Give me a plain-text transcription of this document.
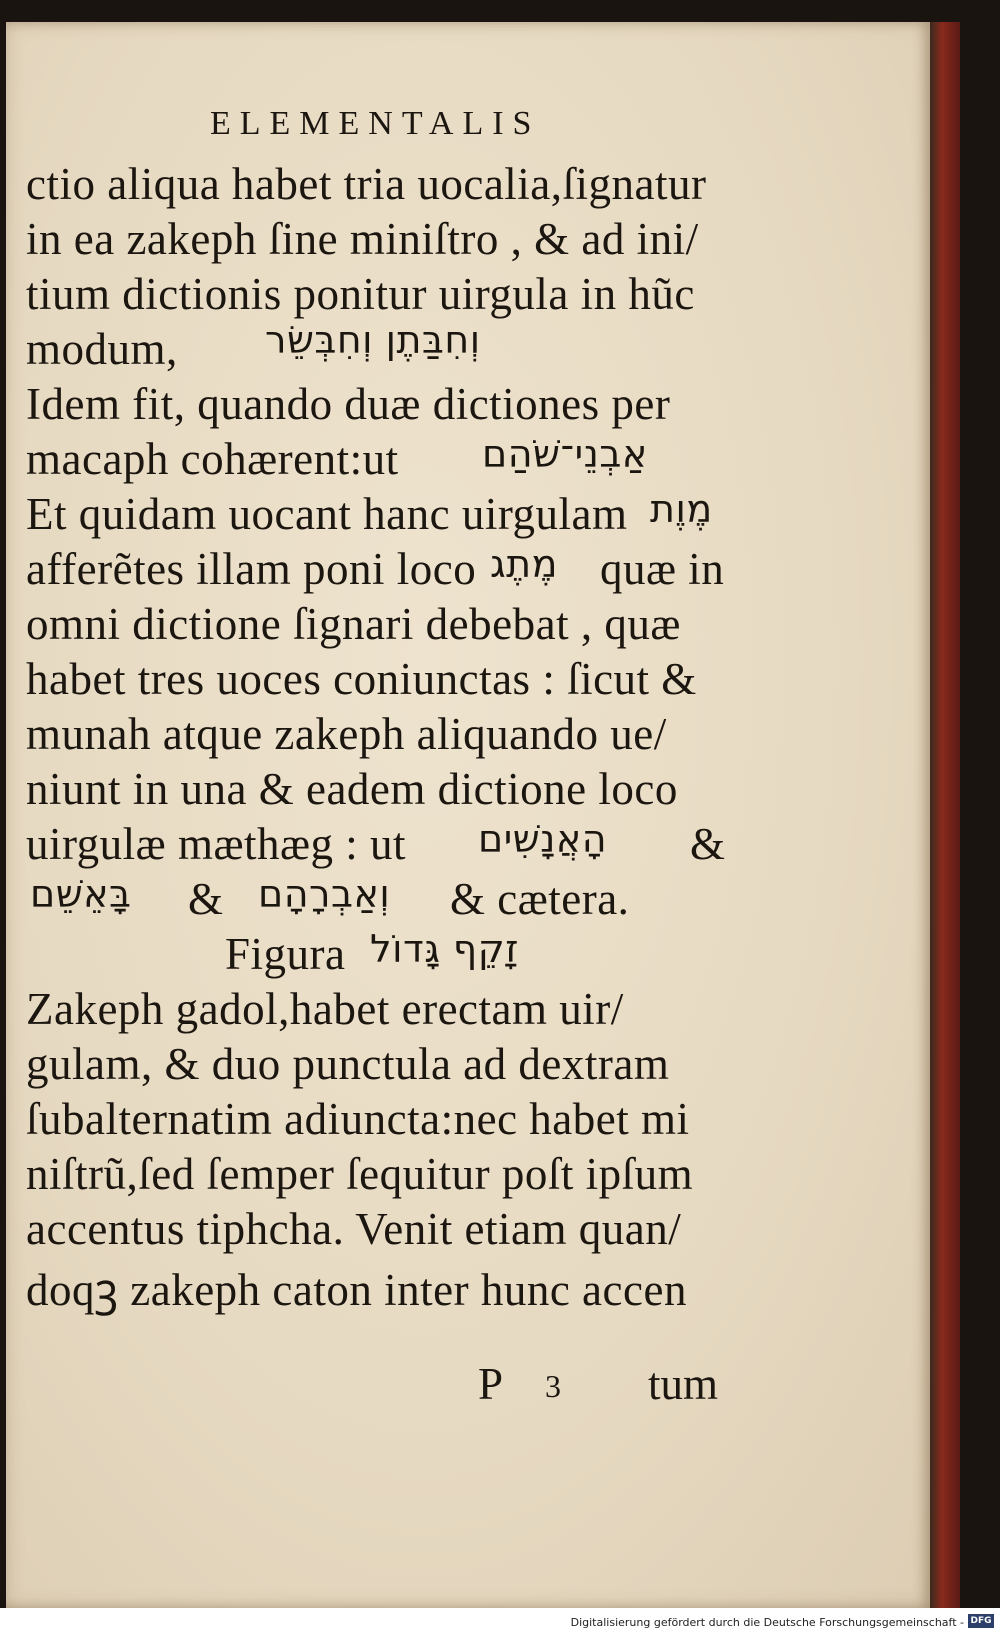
ELEMENTALIS
ctio aliqua habet tria uocalia,ſignatur
in ea zakeph ſine miniſtro , & ad ini/
tium dictionis ponitur uirgula in hũc
modum,
Idem fit, quando duæ dictiones per
macaph cohærent:ut
Et quidam uocant hanc uirgulam
afferẽtes illam poni loco
omni dictione ſignari debebat , quæ
habet tres uoces coniunctas : ſicut &
munah atque zakeph aliquando ue/
niunt in una & eadem dictione loco
uirgulæ mæthæg : ut
Zakeph gadol,habet erectam uir/
gulam, & duo punctula ad dextram
ſubalternatim adiuncta:nec habet mi
niſtrũ,ſed ſemper ſequitur poſt ipſum
accentus tiphcha. Venit etiam quan/
doqꝫ zakeph caton inter hunc accen
וְחִבַּתֶן וְחִבְּשֵׂר
אַבְנֵי־שֹׁהַם
מֶוֶת
מֶתֶג quæ in
הָאֲנָשִׁים &
בָּאֵשֵׁם & וְאַבְרָהָם & cætera.
Figura זָקֵף גָּדוֹל
P 3 tum
Digitalisierung gefördert durch die Deutsche Forschungsgemeinschaft - DFG
